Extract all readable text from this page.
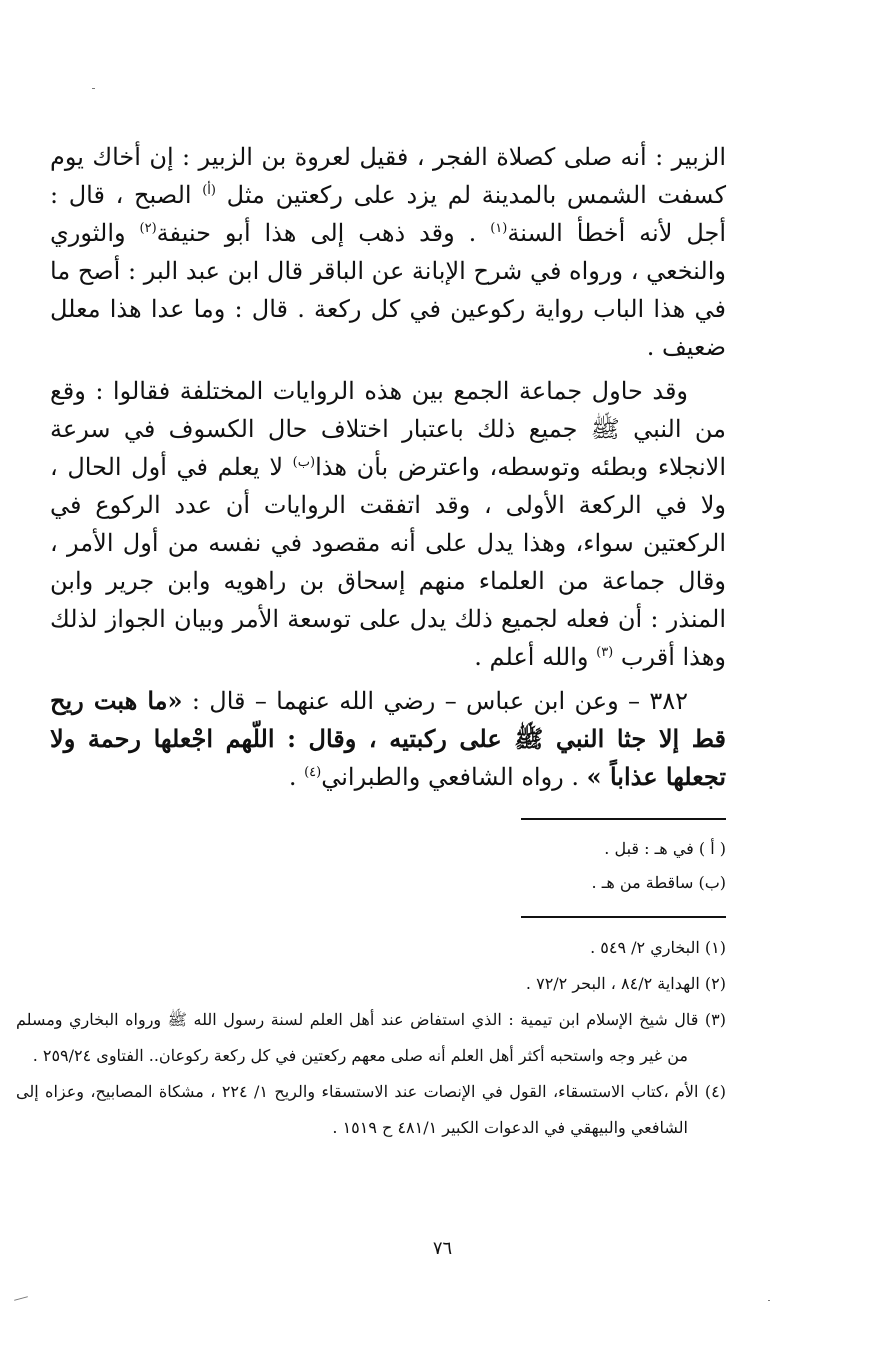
الزبير : أنه صلى كصلاة الفجر ، فقيل لعروة بن الزبير : إن أخاك يوم كسفت الشمس بالمدينة لم يزد على ركعتين مثل $^{(أ)}$ الصبح ، قال : أجل لأنه أخطأ السنة$^{(١)}$ . وقد ذهب إلى هذا أبو حنيفة$^{(٢)}$ والثوري والنخعي ، ورواه في شرح الإبانة عن الباقر قال ابن عبد البر : أصح ما في هذا الباب رواية ركوعين في كل ركعة . قال : وما عدا هذا معلل ضعيف .

وقد حاول جماعة الجمع بين هذه الروايات المختلفة فقالوا : وقع من النبي ﷺ جميع ذلك باعتبار اختلاف حال الكسوف في سرعة الانجلاء وبطئه وتوسطه، واعترض بأن هذا$^{(ب)}$ لا يعلم في أول الحال ، ولا في الركعة الأولى ، وقد اتفقت الروايات أن عدد الركوع في الركعتين سواء، وهذا يدل على أنه مقصود في نفسه من أول الأمر ، وقال جماعة من العلماء منهم إسحاق بن راهويه وابن جرير وابن المنذر : أن فعله لجميع ذلك يدل على توسعة الأمر وبيان الجواز لذلك وهذا أقرب $^{(٣)}$ والله أعلم .

٣٨٢ – وعن ابن عباس – رضي الله عنهما – قال : «ما هبت ريح قط إلا جثا النبي ﷺ على ركبتيه ، وقال : اللّهم اجْعلها رحمة ولا تجعلها عذاباً » . رواه الشافعي والطبراني$^{(٤)}$ .

( أ ) في هـ : قبل .

(ب) ساقطة من هـ .

(١) البخاري ٢/ ٥٤٩ .

(٢) الهداية ٨٤/٢ ، البحر ٧٢/٢ .

(٣) قال شيخ الإسلام ابن تيمية : الذي استفاض عند أهل العلم لسنة رسول الله ﷺ ورواه البخاري ومسلم من غير وجه واستحبه أكثر أهل العلم أنه صلى معهم ركعتين في كل ركعة ركوعان.. الفتاوى ٢٥٩/٢٤ .

(٤) الأم ،كتاب الاستسقاء، القول في الإنصات عند الاستسقاء والريح ١/ ٢٢٤ ، مشكاة المصابيح، وعزاه إلى الشافعي والبيهقي في الدعوات الكبير ٤٨١/١ ح ١٥١٩ .

٧٦
